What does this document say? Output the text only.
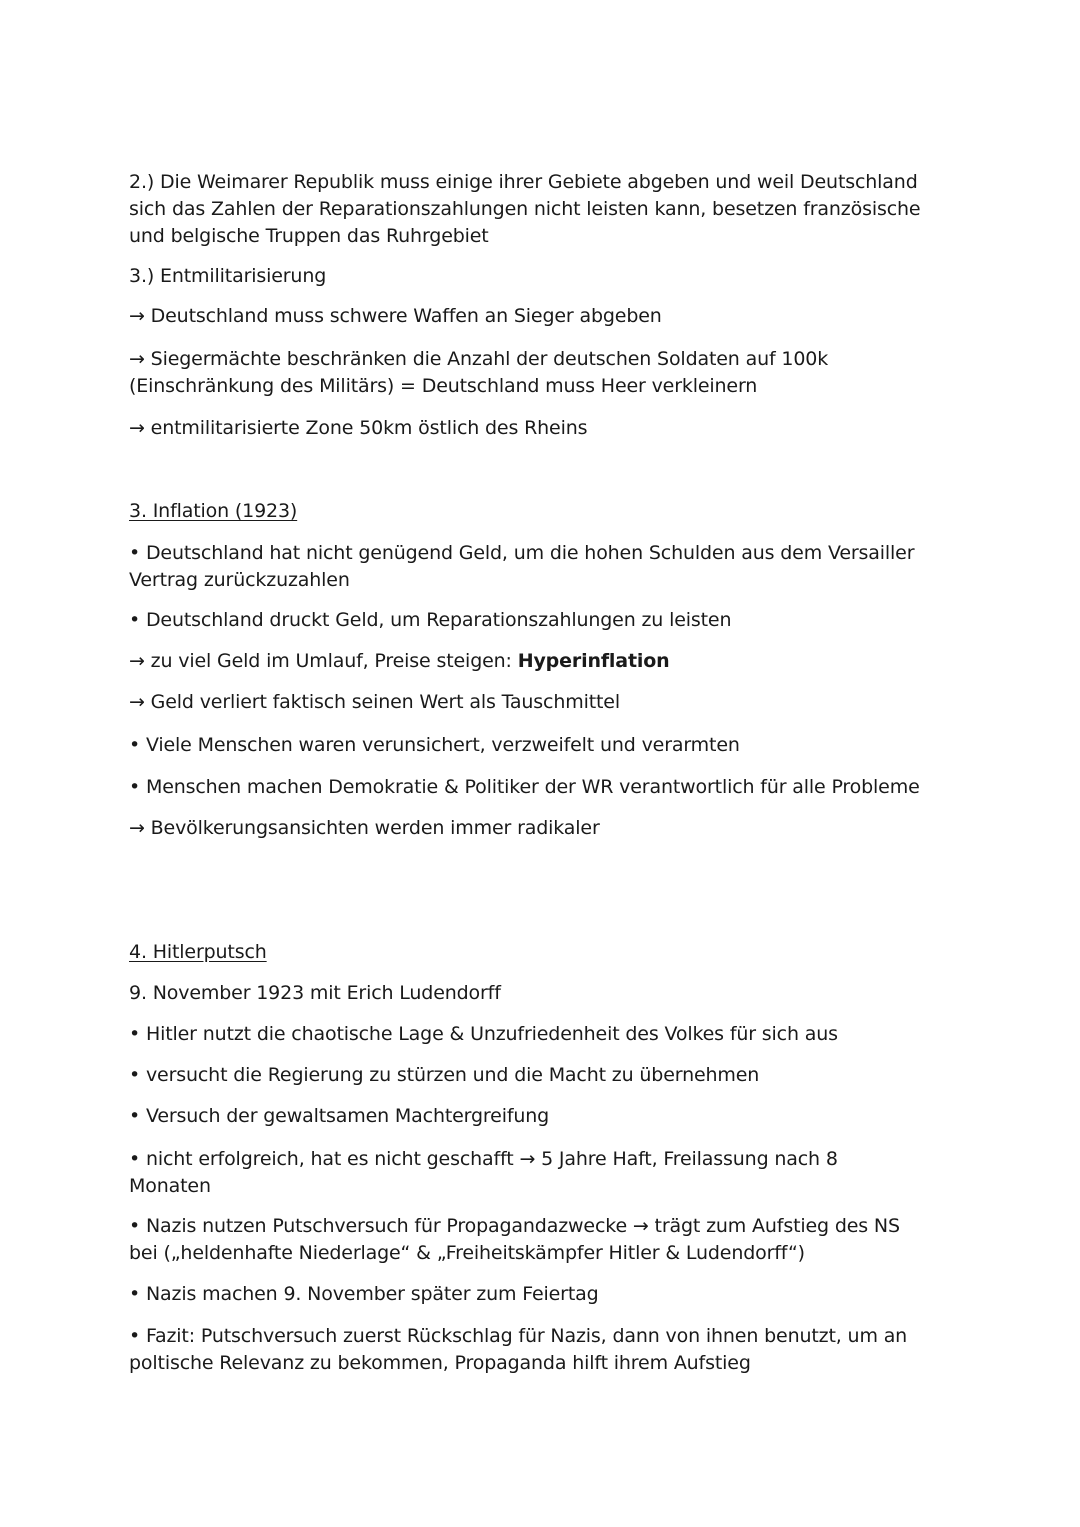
2.) Die Weimarer Republik muss einige ihrer Gebiete abgeben und weil Deutschland
sich das Zahlen der Reparationszahlungen nicht leisten kann, besetzen französische
und belgische Truppen das Ruhrgebiet

3.) Entmilitarisierung

→ Deutschland muss schwere Waffen an Sieger abgeben

→ Siegermächte beschränken die Anzahl der deutschen Soldaten auf 100k
(Einschränkung des Militärs) = Deutschland muss Heer verkleinern

→ entmilitarisierte Zone 50km östlich des Rheins

3. Inflation (1923)

• Deutschland hat nicht genügend Geld, um die hohen Schulden aus dem Versailler
Vertrag zurückzuzahlen

• Deutschland druckt Geld, um Reparationszahlungen zu leisten

→ zu viel Geld im Umlauf, Preise steigen: Hyperinflation

→ Geld verliert faktisch seinen Wert als Tauschmittel

• Viele Menschen waren verunsichert, verzweifelt und verarmten

• Menschen machen Demokratie & Politiker der WR verantwortlich für alle Probleme

→ Bevölkerungsansichten werden immer radikaler

4. Hitlerputsch

9. November 1923 mit Erich Ludendorff

• Hitler nutzt die chaotische Lage & Unzufriedenheit des Volkes für sich aus

• versucht die Regierung zu stürzen und die Macht zu übernehmen

• Versuch der gewaltsamen Machtergreifung

• nicht erfolgreich, hat es nicht geschafft → 5 Jahre Haft, Freilassung nach 8
Monaten

• Nazis nutzen Putschversuch für Propagandazwecke → trägt zum Aufstieg des NS
bei („heldenhafte Niederlage“ & „Freiheitskämpfer Hitler & Ludendorff“)

• Nazis machen 9. November später zum Feiertag

• Fazit: Putschversuch zuerst Rückschlag für Nazis, dann von ihnen benutzt, um an
poltische Relevanz zu bekommen, Propaganda hilft ihrem Aufstieg
